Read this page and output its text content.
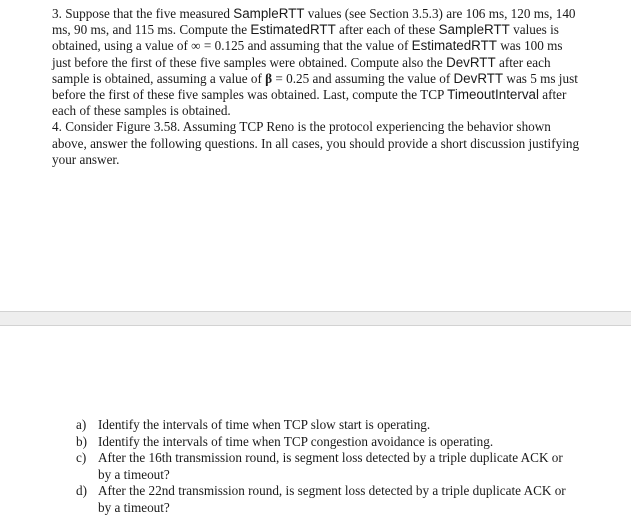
3. Suppose that the five measured SampleRTT values (see Section 3.5.3) are 106 ms, 120 ms, 140 ms, 90 ms, and 115 ms. Compute the EstimatedRTT after each of these SampleRTT values is obtained, using a value of ∞ = 0.125 and assuming that the value of EstimatedRTT was 100 ms just before the first of these five samples were obtained. Compute also the DevRTT after each sample is obtained, assuming a value of β = 0.25 and assuming the value of DevRTT was 5 ms just before the first of these five samples was obtained. Last, compute the TCP TimeoutInterval after each of these samples is obtained.

4. Consider Figure 3.58. Assuming TCP Reno is the protocol experiencing the behavior shown above, answer the following questions. In all cases, you should provide a short discussion justifying your answer.

a) Identify the intervals of time when TCP slow start is operating.
b) Identify the intervals of time when TCP congestion avoidance is operating.
c) After the 16th transmission round, is segment loss detected by a triple duplicate ACK or by a timeout?
d) After the 22nd transmission round, is segment loss detected by a triple duplicate ACK or by a timeout?
